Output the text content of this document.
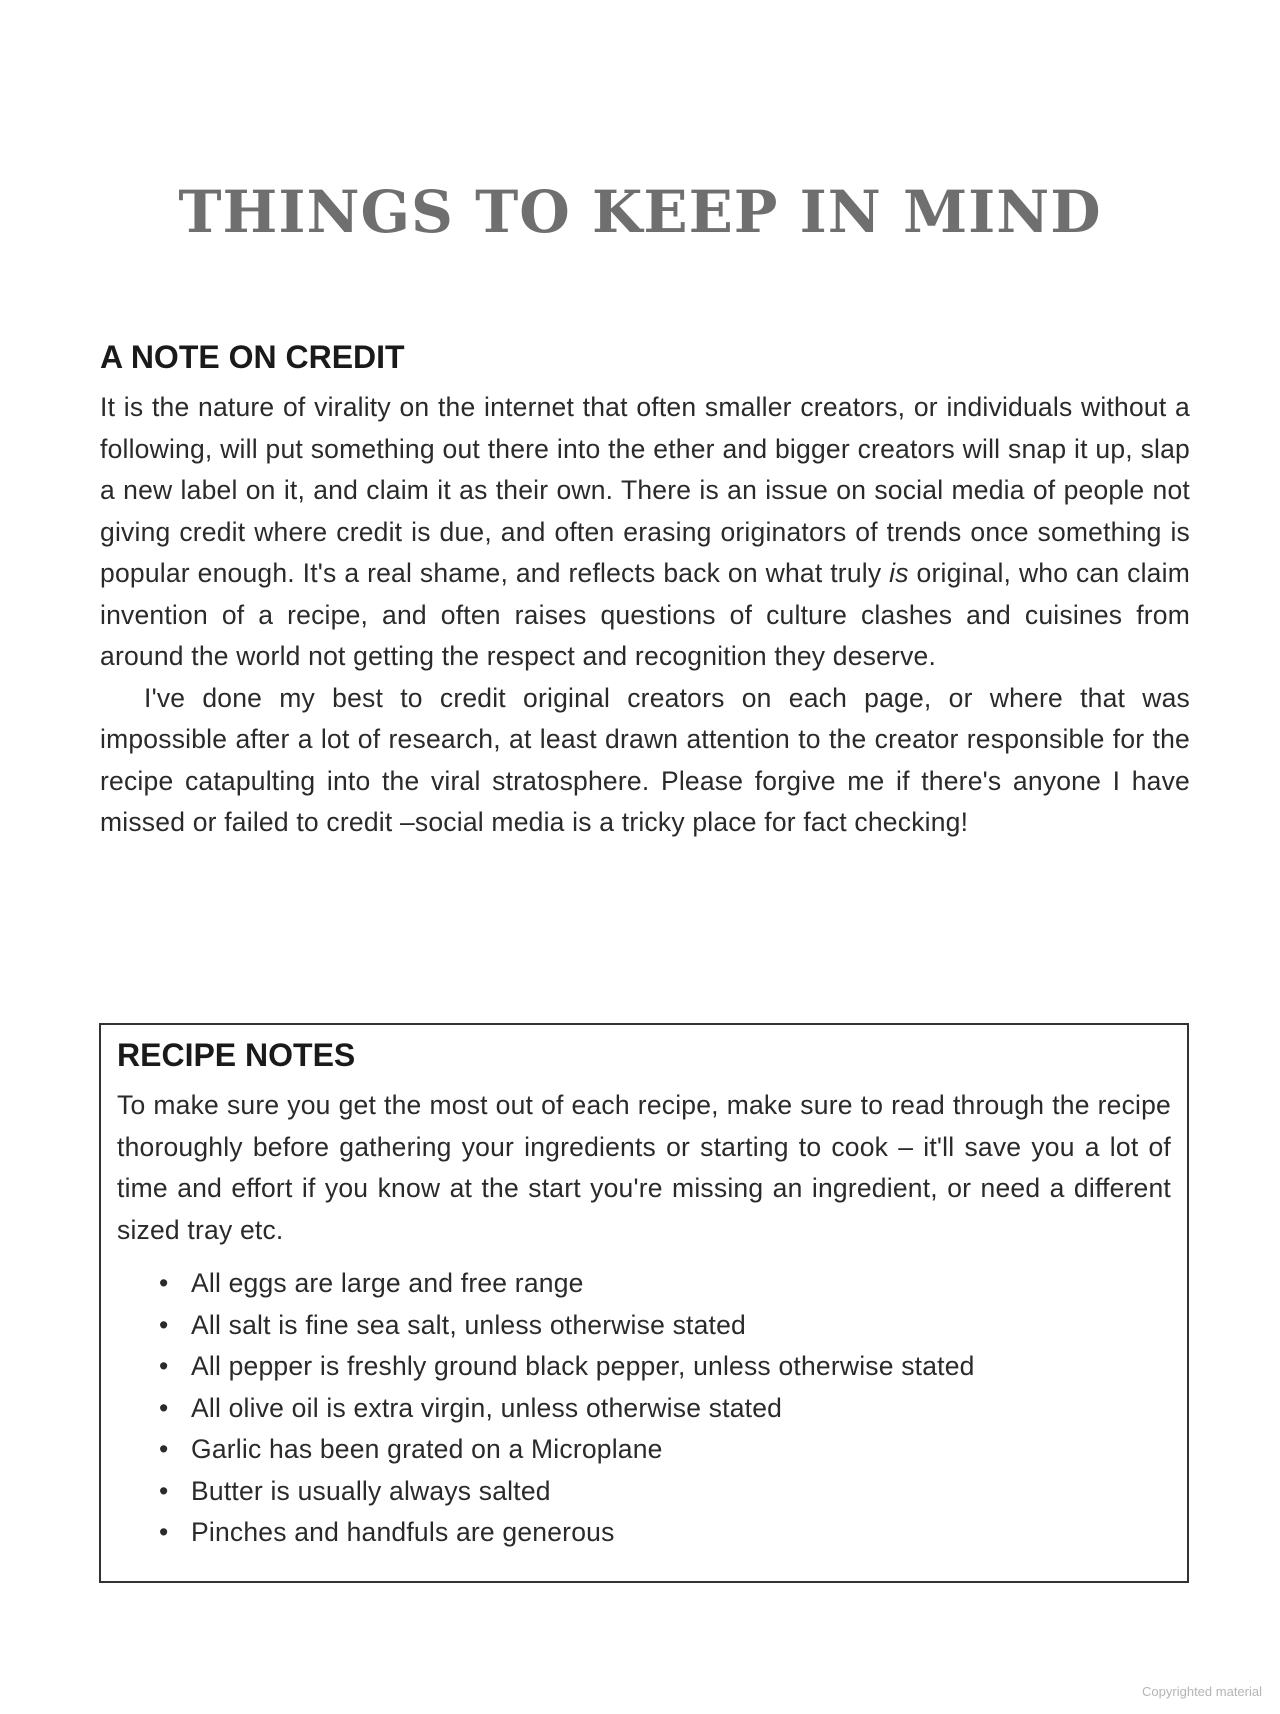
THINGS TO KEEP IN MIND
A NOTE ON CREDIT

It is the nature of virality on the internet that often smaller creators, or individuals without a following, will put something out there into the ether and bigger creators will snap it up, slap a new label on it, and claim it as their own. There is an issue on social media of people not giving credit where credit is due, and often erasing originators of trends once something is popular enough. It's a real shame, and reflects back on what truly is original, who can claim invention of a recipe, and often raises questions of culture clashes and cuisines from around the world not getting the respect and recognition they deserve.

I've done my best to credit original creators on each page, or where that was impossible after a lot of research, at least drawn attention to the creator responsible for the recipe catapulting into the viral stratosphere. Please forgive me if there's anyone I have missed or failed to credit –social media is a tricky place for fact checking!

RECIPE NOTES

To make sure you get the most out of each recipe, make sure to read through the recipe thoroughly before gathering your ingredients or starting to cook – it'll save you a lot of time and effort if you know at the start you're missing an ingredient, or need a different sized tray etc.

• All eggs are large and free range
• All salt is fine sea salt, unless otherwise stated
• All pepper is freshly ground black pepper, unless otherwise stated
• All olive oil is extra virgin, unless otherwise stated
• Garlic has been grated on a Microplane
• Butter is usually always salted
• Pinches and handfuls are generous

Copyrighted material
